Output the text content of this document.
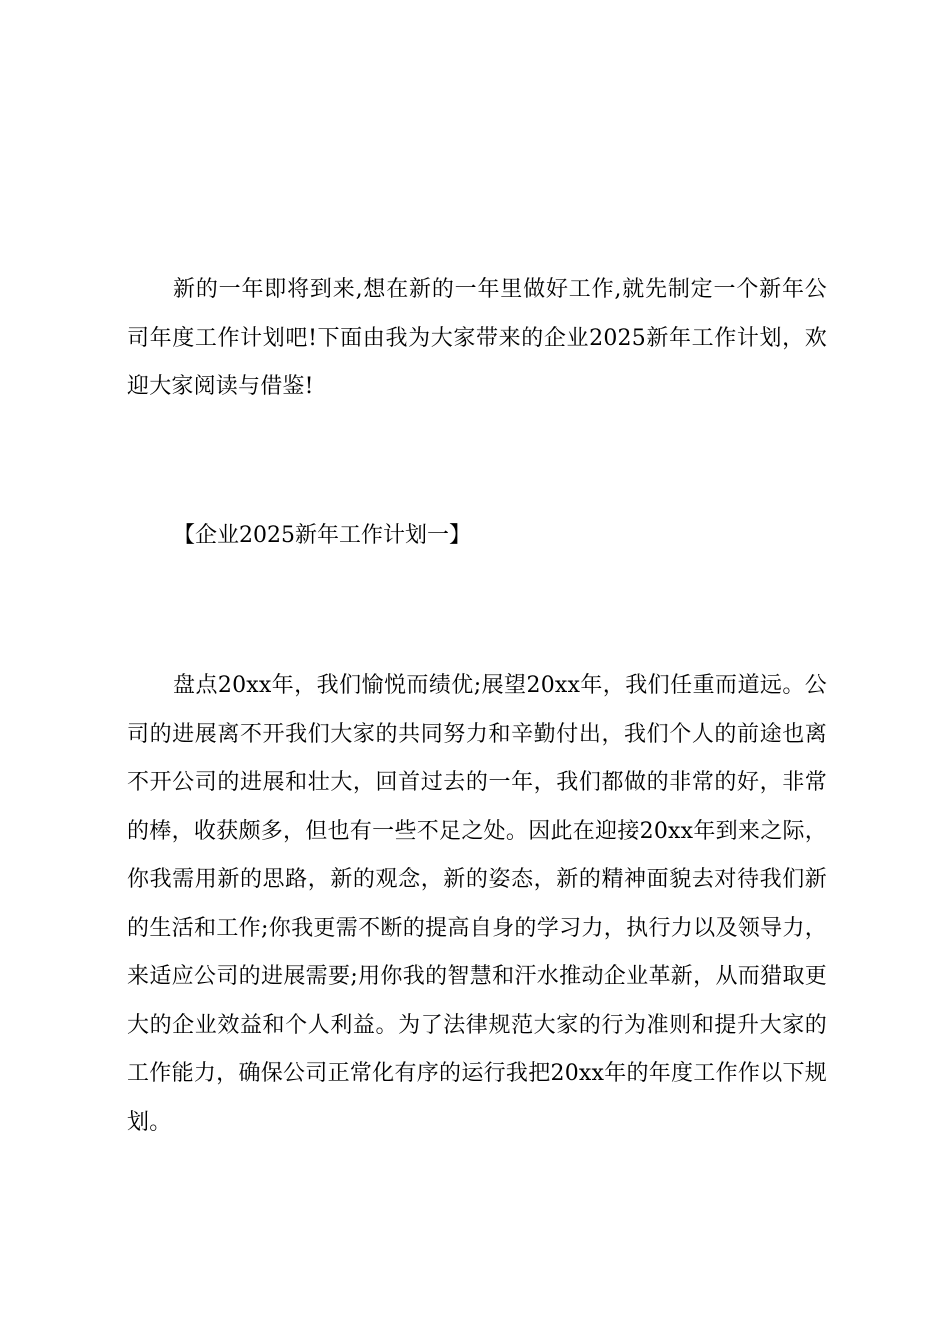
新的一年即将到来,想在新的一年里做好工作,就先制定一个新年公司年度工作计划吧!下面由我为大家带来的企业2025新年工作计划，欢迎大家阅读与借鉴!

【企业2025新年工作计划一】

盘点20xx年，我们愉悦而绩优;展望20xx年，我们任重而道远。公司的进展离不开我们大家的共同努力和辛勤付出，我们个人的前途也离不开公司的进展和壮大，回首过去的一年，我们都做的非常的好，非常的棒，收获颇多，但也有一些不足之处。因此在迎接20xx年到来之际，你我需用新的思路，新的观念，新的姿态，新的精神面貌去对待我们新的生活和工作;你我更需不断的提高自身的学习力，执行力以及领导力，来适应公司的进展需要;用你我的智慧和汗水推动企业革新，从而猎取更大的企业效益和个人利益。为了法律规范大家的行为准则和提升大家的工作能力，确保公司正常化有序的运行我把20xx年的年度工作作以下规划。
